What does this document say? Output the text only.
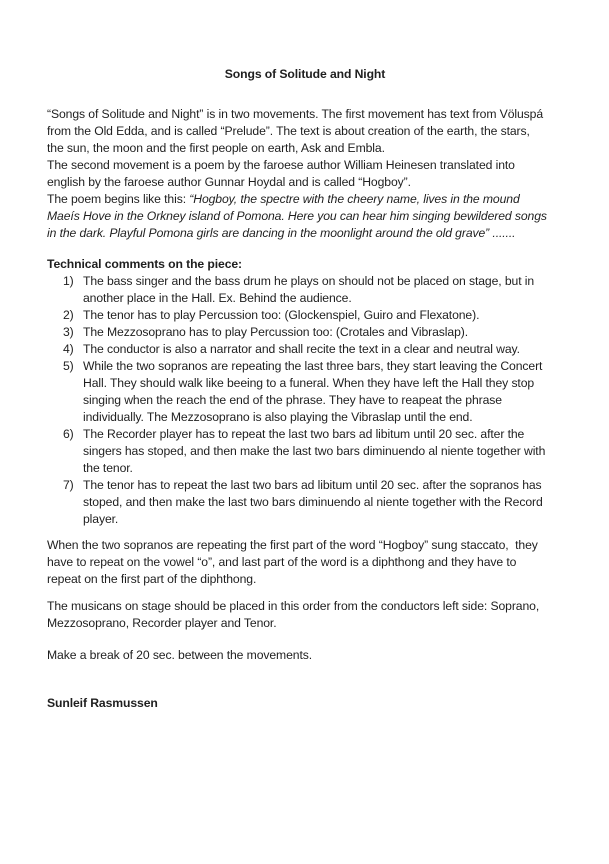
Songs of Solitude and Night
“Songs of Solitude and Night” is in two movements. The first movement has text from Völuspá
from the Old Edda, and is called “Prelude”. The text is about creation of the earth, the stars,
the sun, the moon and the first people on earth, Ask and Embla.
The second movement is a poem by the faroese author William Heinesen translated into
english by the faroese author Gunnar Hoydal and is called “Hogboy”.
The poem begins like this: “Hogboy, the spectre with the cheery name, lives in the mound
Maeís Hove in the Orkney island of Pomona. Here you can hear him singing bewildered songs
in the dark. Playful Pomona girls are dancing in the moonlight around the old grave” .......
Technical comments on the piece:
1) The bass singer and the bass drum he plays on should not be placed on stage, but in
another place in the Hall. Ex. Behind the audience.
2) The tenor has to play Percussion too: (Glockenspiel, Guiro and Flexatone).
3) The Mezzosoprano has to play Percussion too: (Crotales and Vibraslap).
4) The conductor is also a narrator and shall recite the text in a clear and neutral way.
5) While the two sopranos are repeating the last three bars, they start leaving the Concert
Hall. They should walk like beeing to a funeral. When they have left the Hall they stop
singing when the reach the end of the phrase. They have to reapeat the phrase
individually. The Mezzosoprano is also playing the Vibraslap until the end.
6) The Recorder player has to repeat the last two bars ad libitum until 20 sec. after the
singers has stoped, and then make the last two bars diminuendo al niente together with
the tenor.
7) The tenor has to repeat the last two bars ad libitum until 20 sec. after the sopranos has
stoped, and then make the last two bars diminuendo al niente together with the Record
player.
When the two sopranos are repeating the first part of the word “Hogboy” sung staccato,  they
have to repeat on the vowel “o”, and last part of the word is a diphthong and they have to
repeat on the first part of the diphthong.
The musicans on stage should be placed in this order from the conductors left side: Soprano,
Mezzosoprano, Recorder player and Tenor.
Make a break of 20 sec. between the movements.
Sunleif Rasmussen
